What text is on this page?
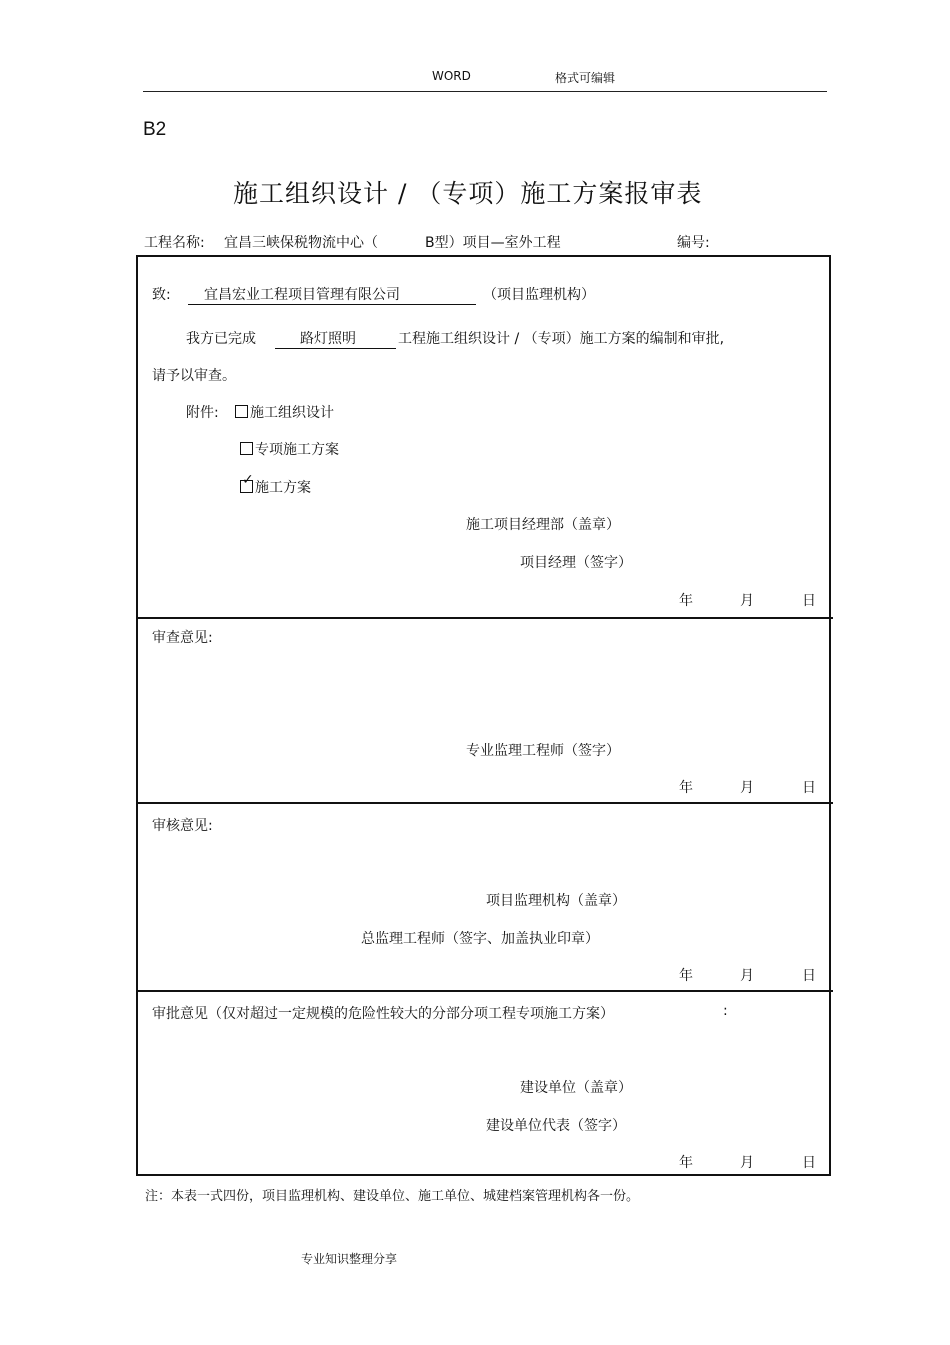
WORD	格式可编辑
B2
施工组织设计 / （专项）施工方案报审表
工程名称: 宜昌三峡保税物流中心（	B型）项目—室外工程	编号:
致:	宜昌宏业工程项目管理有限公司	（项目监理机构）
我方已完成	路灯照明	工程施工组织设计 / （专项）施工方案的编制和审批,
请予以审查。
附件:	施工组织设计
专项施工方案
✓施工方案
施工项目经理部（盖章）
项目经理（签字）
年	月	日
审查意见:
专业监理工程师（签字）
年	月	日
审核意见:
项目监理机构（盖章）
总监理工程师（签字、加盖执业印章）
年	月	日
审批意见（仅对超过一定规模的危险性较大的分部分项工程专项施工方案）	:
建设单位（盖章）
建设单位代表（签字）
年	月	日
注：本表一式四份，项目监理机构、建设单位、施工单位、城建档案管理机构各一份。
专业知识整理分享
